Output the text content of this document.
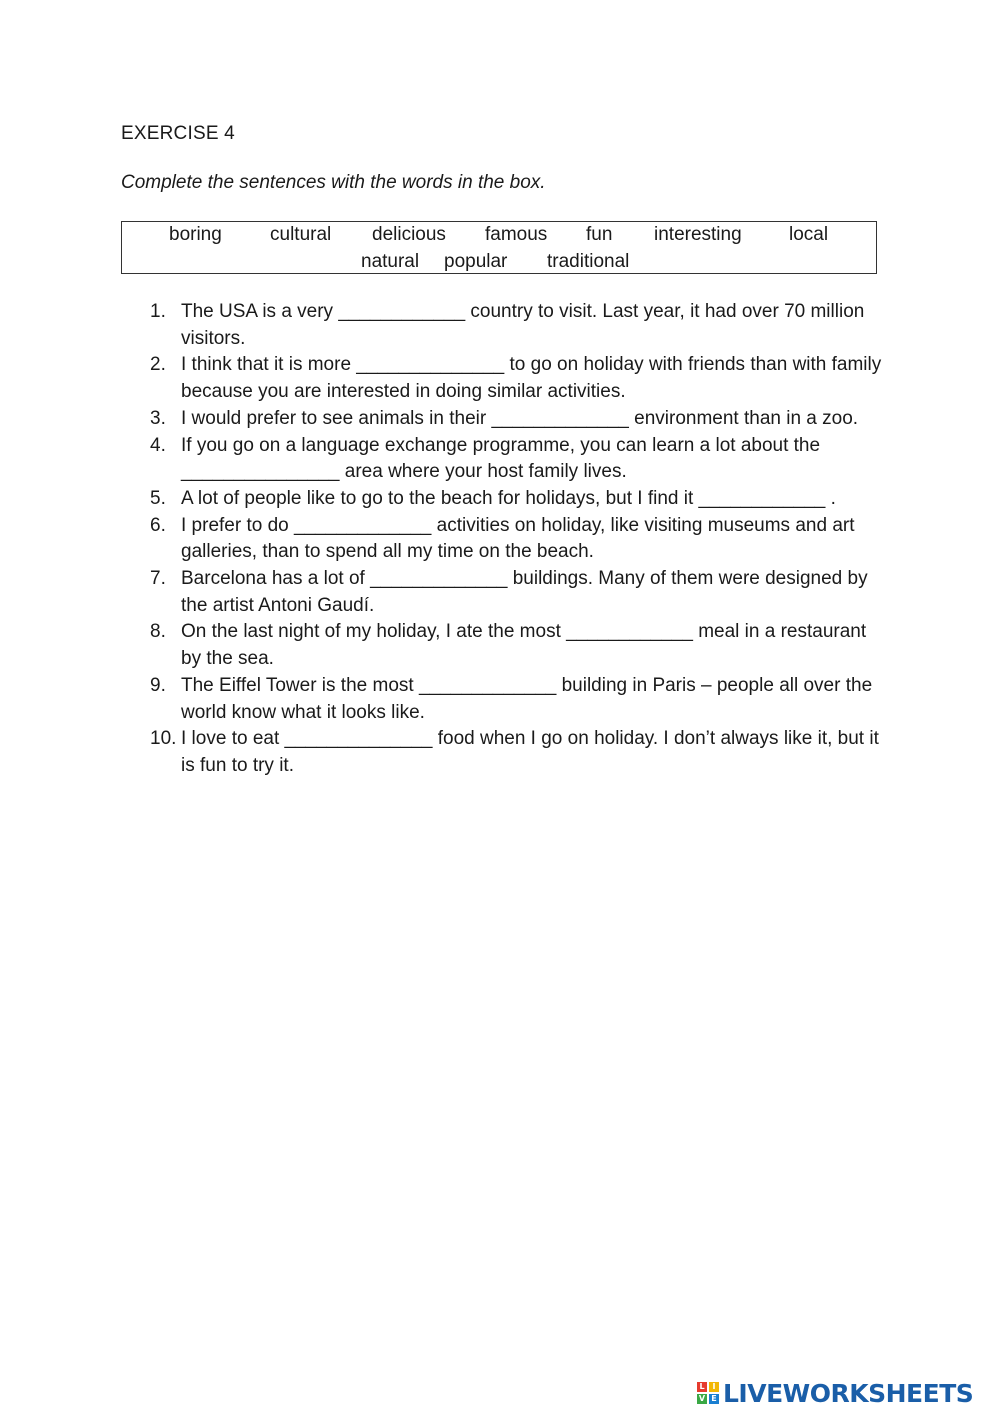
EXERCISE 4
Complete the sentences with the words in the box.
boring	cultural delicious famous fun interesting local
natural popular traditional
1. The USA is a very ____________ country to visit. Last year, it had over 70 million visitors.
2. I think that it is more ______________ to go on holiday with friends than with family because you are interested in doing similar activities.
3. I would prefer to see animals in their _____________ environment than in a zoo.
4. If you go on a language exchange programme, you can learn a lot about the _______________ area where your host family lives.
5. A lot of people like to go to the beach for holidays, but I find it ____________ .
6. I prefer to do _____________ activities on holiday, like visiting museums and art galleries, than to spend all my time on the beach.
7. Barcelona has a lot of _____________ buildings. Many of them were designed by the artist Antoni Gaudí.
8. On the last night of my holiday, I ate the most ____________ meal in a restaurant by the sea.
9. The Eiffel Tower is the most _____________ building in Paris – people all over the world know what it looks like.
10. I love to eat ______________ food when I go on holiday. I don’t always like it, but it is fun to try it.
L I
V E LIVEWORKSHEETS
